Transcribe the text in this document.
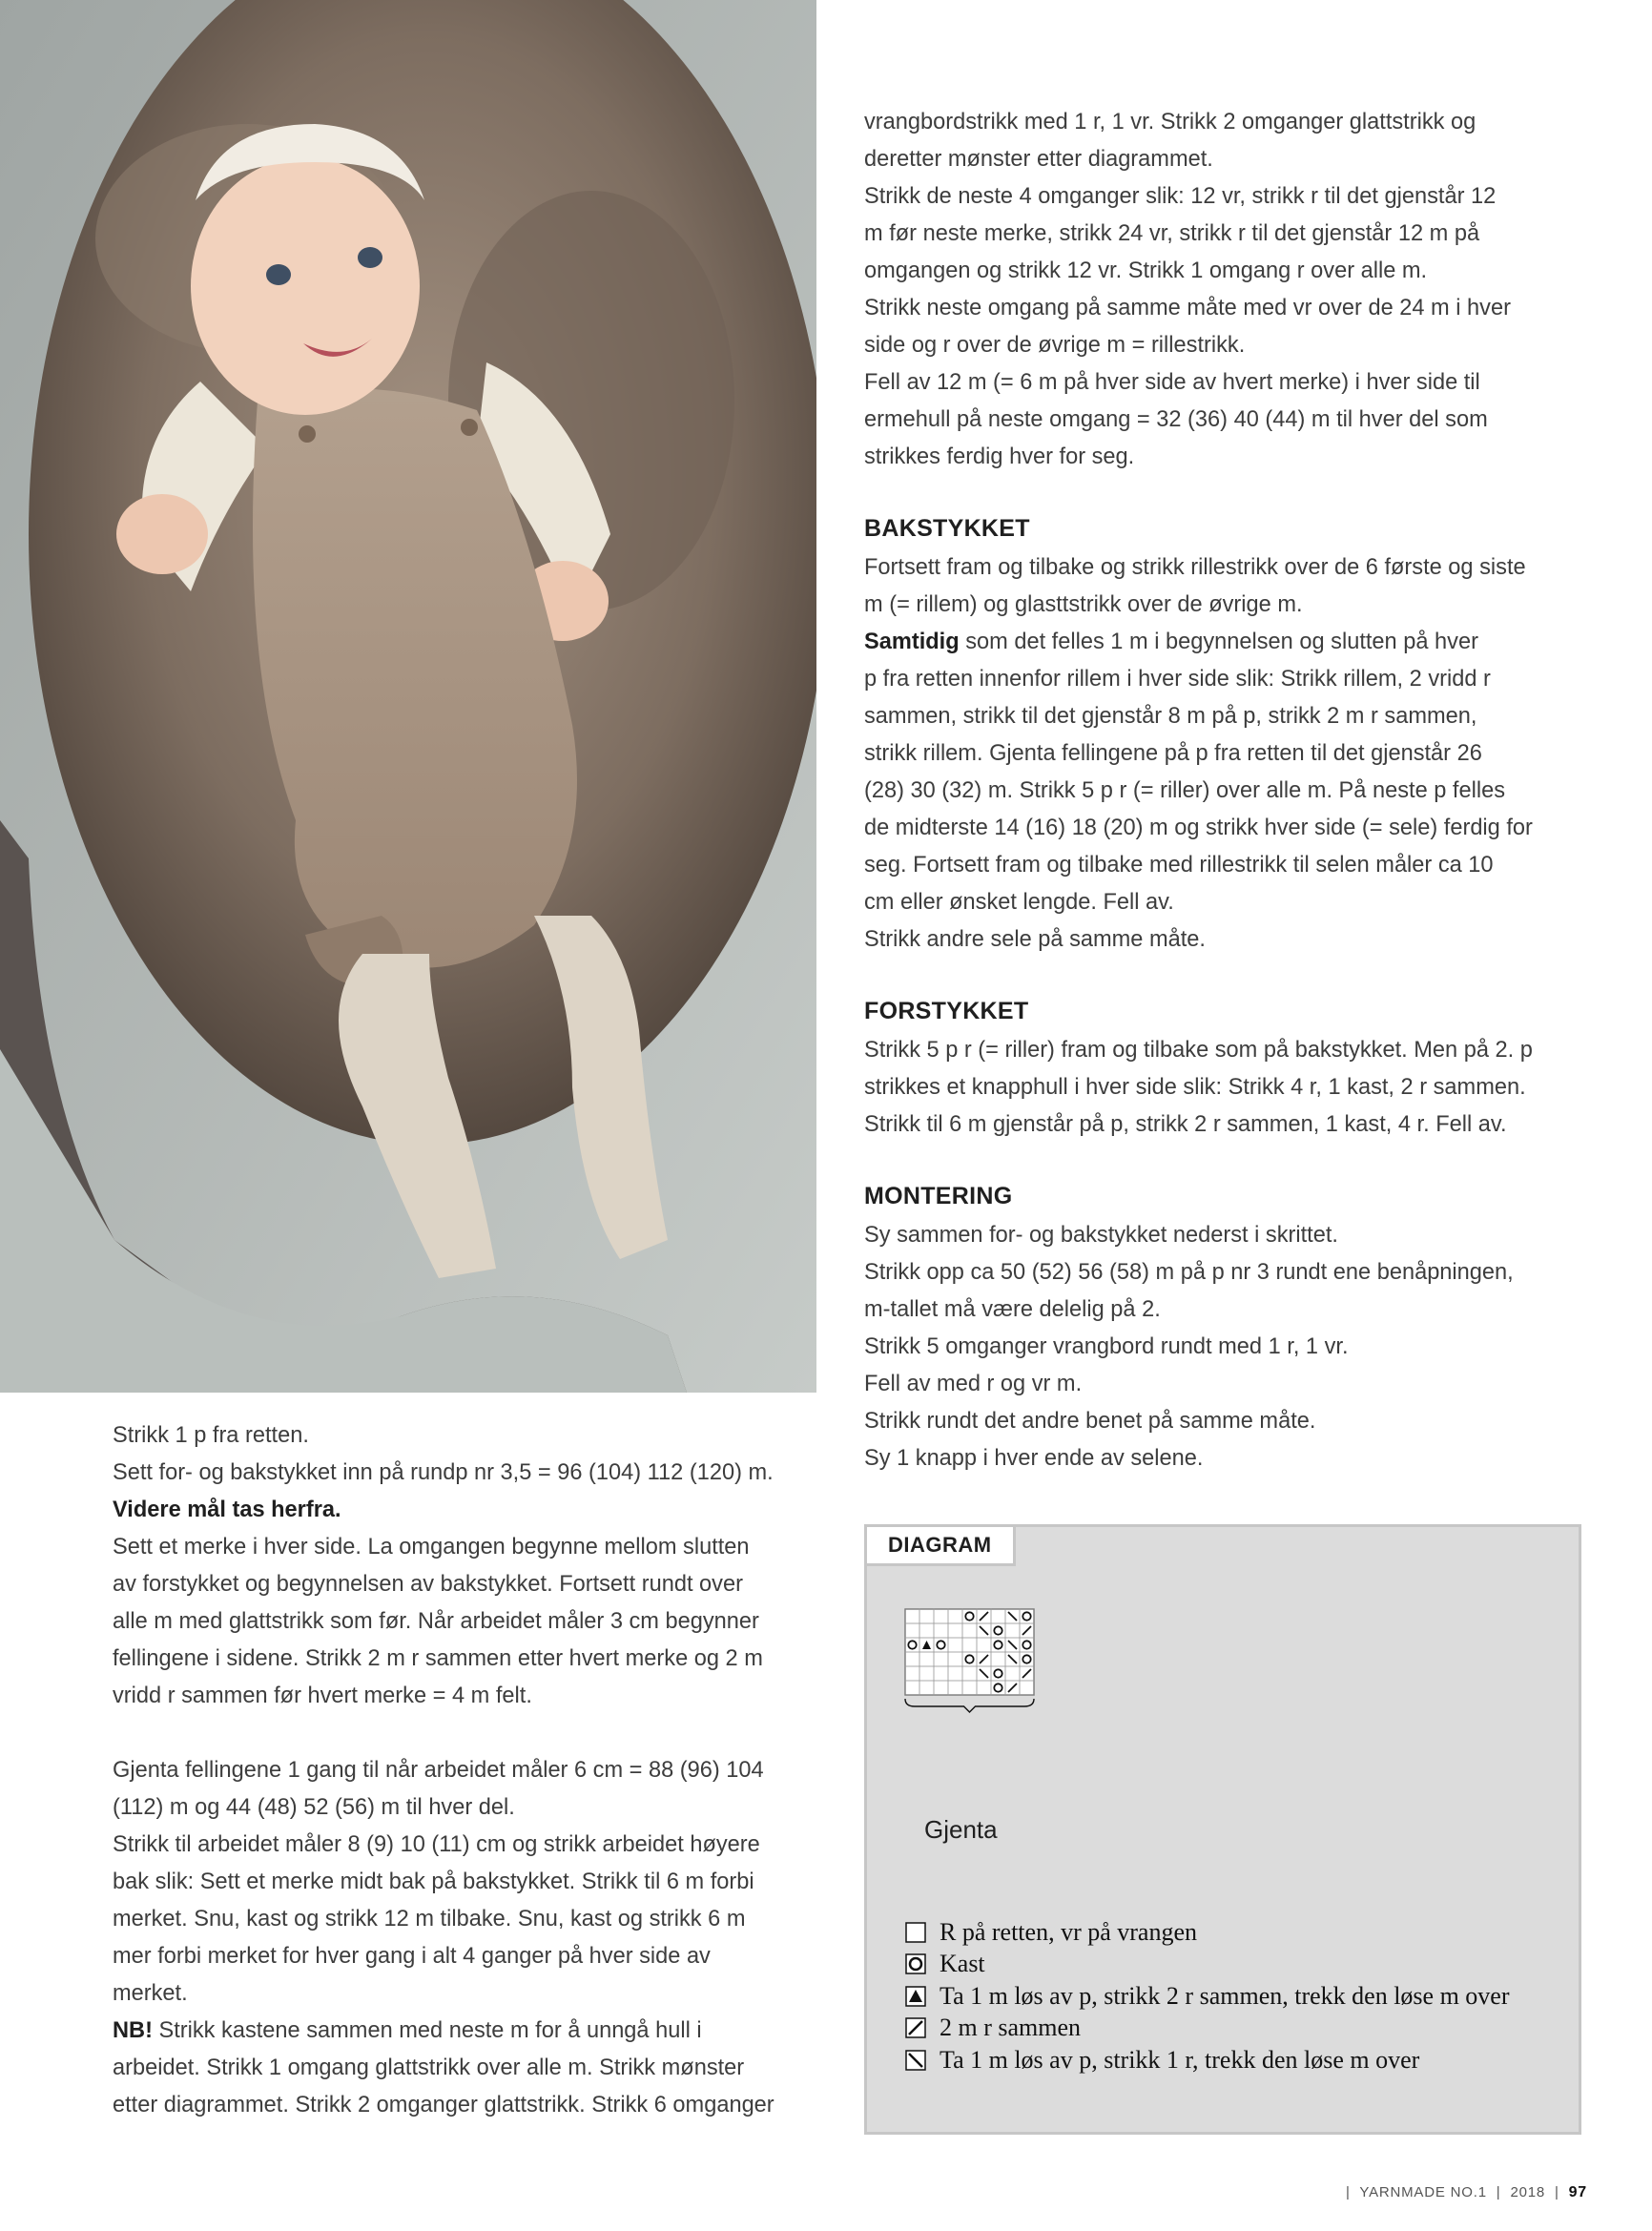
vrangbordstrikk med 1 r, 1 vr. Strikk 2 omganger glattstrikk og

deretter mønster etter diagrammet.

Strikk de neste 4 omganger slik: 12 vr, strikk r til det gjenstår 12

m før neste merke, strikk 24 vr, strikk r til det gjenstår 12 m på

omgangen og strikk 12 vr. Strikk 1 omgang r over alle m.

Strikk neste omgang på samme måte med vr over de 24 m i hver

side og r over de øvrige m = rillestrikk.

Fell av 12 m (= 6 m på hver side av hvert merke) i hver side til

ermehull på neste omgang = 32 (36) 40 (44) m til hver del som

strikkes ferdig hver for seg.

BAKSTYKKET

Fortsett fram og tilbake og strikk rillestrikk over de 6 første og siste

m (= rillem) og glasttstrikk over de øvrige m.

Samtidig som det felles 1 m i begynnelsen og slutten på hver

p fra retten innenfor rillem i hver side slik: Strikk rillem, 2 vridd r

sammen, strikk til det gjenstår 8 m på p, strikk 2 m r sammen,

strikk rillem. Gjenta fellingene på p fra retten til det gjenstår 26

(28) 30 (32) m. Strikk 5 p r (= riller) over alle m. På neste p felles

de midterste 14 (16) 18 (20) m og strikk hver side (= sele) ferdig for

seg. Fortsett fram og tilbake med rillestrikk til selen måler ca 10

cm eller ønsket lengde. Fell av.

Strikk andre sele på samme måte.

FORSTYKKET

Strikk 5 p r (= riller) fram og tilbake som på bakstykket. Men på 2. p

strikkes et knapphull i hver side slik: Strikk 4 r, 1 kast, 2 r sammen.

Strikk til 6 m gjenstår på p, strikk 2 r sammen, 1 kast, 4 r. Fell av.

MONTERING

Sy sammen for- og bakstykket nederst i skrittet.

Strikk opp ca 50 (52) 56 (58) m på p nr 3 rundt ene benåpningen,

m-tallet må være delelig på 2.

Strikk 5 omganger vrangbord rundt med 1 r, 1 vr.

Fell av med r og vr m.

Strikk rundt det andre benet på samme måte.

Sy 1 knapp i hver ende av selene.

Strikk 1 p fra retten.

Sett for- og bakstykket inn på rundp nr 3,5 = 96 (104) 112 (120) m.

Videre mål tas herfra.

Sett et merke i hver side. La omgangen begynne mellom slutten

av forstykket og begynnelsen av bakstykket. Fortsett rundt over

alle m med glattstrikk som før. Når arbeidet måler 3 cm begynner

fellingene i sidene. Strikk 2 m r sammen etter hvert merke og 2 m

vridd r sammen før hvert merke = 4 m felt.

Gjenta fellingene 1 gang til når arbeidet måler 6 cm = 88 (96) 104

(112) m og 44 (48) 52 (56) m til hver del.

Strikk til arbeidet måler 8 (9) 10 (11) cm og strikk arbeidet høyere

bak slik: Sett et merke midt bak på bakstykket. Strikk til 6 m forbi

merket. Snu, kast og strikk 12 m tilbake. Snu, kast og strikk 6 m

mer forbi merket for hver gang i alt 4 ganger på hver side av

merket.

NB! Strikk kastene sammen med neste m for å unngå hull i

arbeidet. Strikk 1 omgang glattstrikk over alle m. Strikk mønster

etter diagrammet. Strikk 2 omganger glattstrikk. Strikk 6 omganger

DIAGRAM
Gjenta
R på retten, vr på vrangen
Kast
Ta 1 m løs av p, strikk 2 r sammen, trekk den løse m over
2 m r sammen
Ta 1 m løs av p, strikk 1 r, trekk den løse m over
|  YARNMADE NO.1  |  2018  |  97
